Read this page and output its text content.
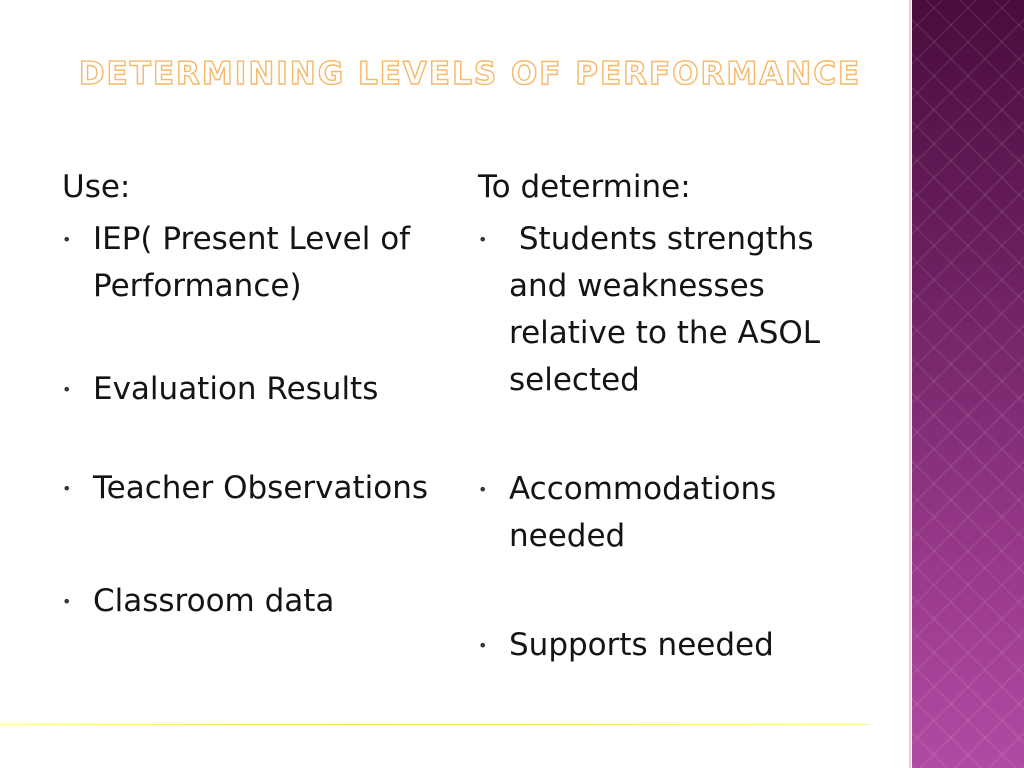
DETERMINING LEVELS OF PERFORMANCE

Use:

• IEP( Present Level of Performance)
• Evaluation Results
• Teacher Observations
• Classroom data

To determine:

• Students strengths and weaknesses relative to the ASOL selected
• Accommodations needed
• Supports needed
